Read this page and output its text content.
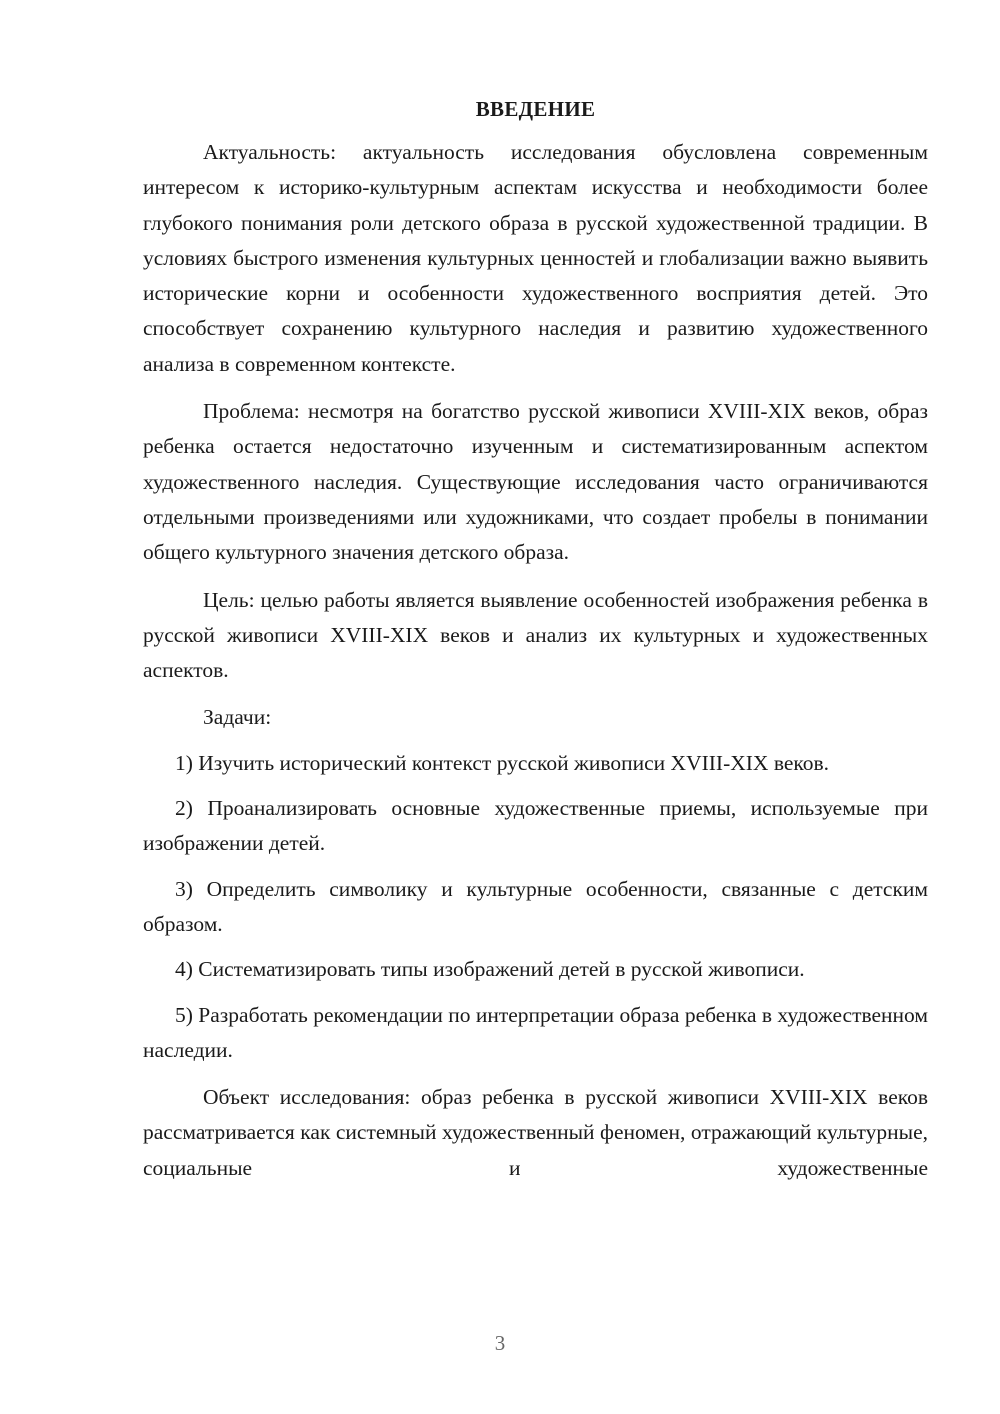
ВВЕДЕНИЕ

Актуальность: актуальность исследования обусловлена современным интересом к историко-культурным аспектам искусства и необходимости более глубокого понимания роли детского образа в русской художественной традиции. В условиях быстрого изменения культурных ценностей и глобализации важно выявить исторические корни и особенности художественного восприятия детей. Это способствует сохранению культурного наследия и развитию художественного анализа в современном контексте.

Проблема: несмотря на богатство русской живописи XVIII-XIX веков, образ ребенка остается недостаточно изученным и систематизированным аспектом художественного наследия. Существующие исследования часто ограничиваются отдельными произведениями или художниками, что создает пробелы в понимании общего культурного значения детского образа.

Цель: целью работы является выявление особенностей изображения ребенка в русской живописи XVIII-XIX веков и анализ их культурных и художественных аспектов.

Задачи:

1) Изучить исторический контекст русской живописи XVIII-XIX веков.

2) Проанализировать основные художественные приемы, используемые при изображении детей.

3) Определить символику и культурные особенности, связанные с детским образом.

4) Систематизировать типы изображений детей в русской живописи.

5) Разработать рекомендации по интерпретации образа ребенка в художественном наследии.

Объект исследования: образ ребенка в русской живописи XVIII-XIX веков рассматривается как системный художественный феномен, отражающий культурные, социальные и художественные

3
